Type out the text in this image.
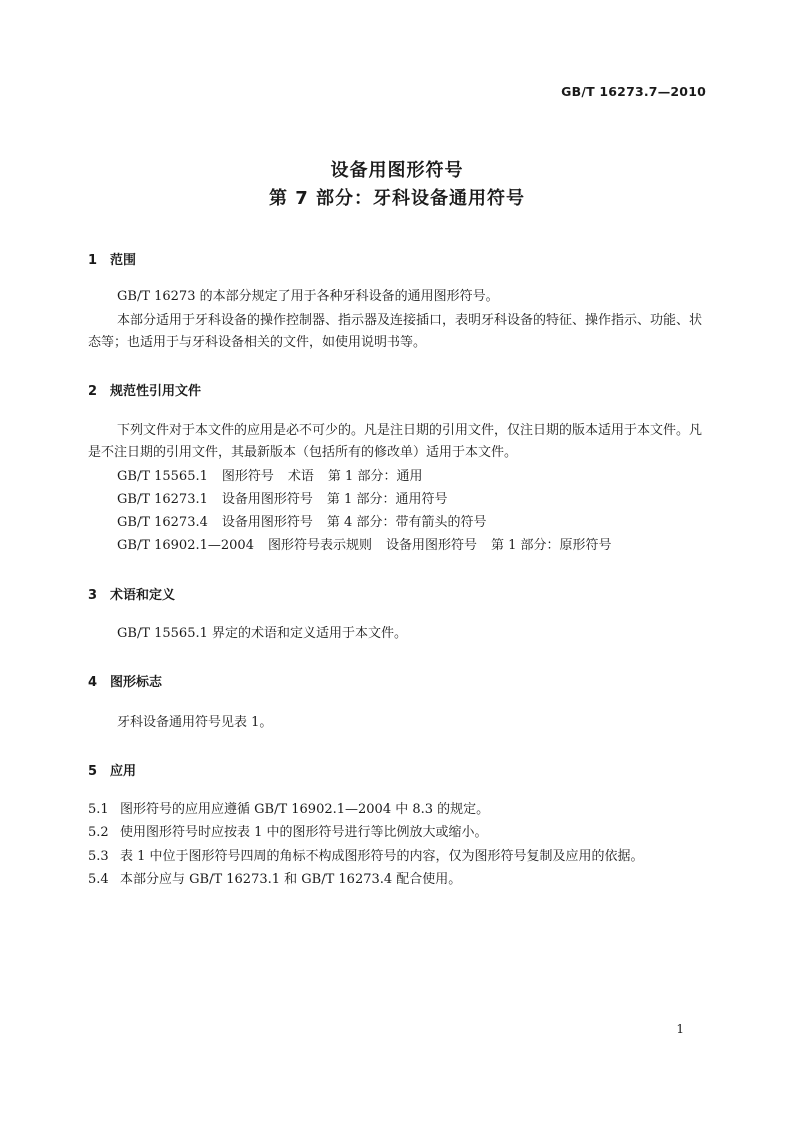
GB/T 16273.7—2010
设备用图形符号
第 7 部分：牙科设备通用符号
1 范围
GB/T 16273 的本部分规定了用于各种牙科设备的通用图形符号。
本部分适用于牙科设备的操作控制器、指示器及连接插口，表明牙科设备的特征、操作指示、功能、状态等；也适用于与牙科设备相关的文件，如使用说明书等。
2 规范性引用文件
下列文件对于本文件的应用是必不可少的。凡是注日期的引用文件，仅注日期的版本适用于本文件。凡是不注日期的引用文件，其最新版本（包括所有的修改单）适用于本文件。
GB/T 15565.1 图形符号 术语 第 1 部分：通用
GB/T 16273.1 设备用图形符号 第 1 部分：通用符号
GB/T 16273.4 设备用图形符号 第 4 部分：带有箭头的符号
GB/T 16902.1—2004 图形符号表示规则 设备用图形符号 第 1 部分：原形符号
3 术语和定义
GB/T 15565.1 界定的术语和定义适用于本文件。
4 图形标志
牙科设备通用符号见表 1。
5 应用
5.1 图形符号的应用应遵循 GB/T 16902.1—2004 中 8.3 的规定。
5.2 使用图形符号时应按表 1 中的图形符号进行等比例放大或缩小。
5.3 表 1 中位于图形符号四周的角标不构成图形符号的内容，仅为图形符号复制及应用的依据。
5.4 本部分应与 GB/T 16273.1 和 GB/T 16273.4 配合使用。
1
